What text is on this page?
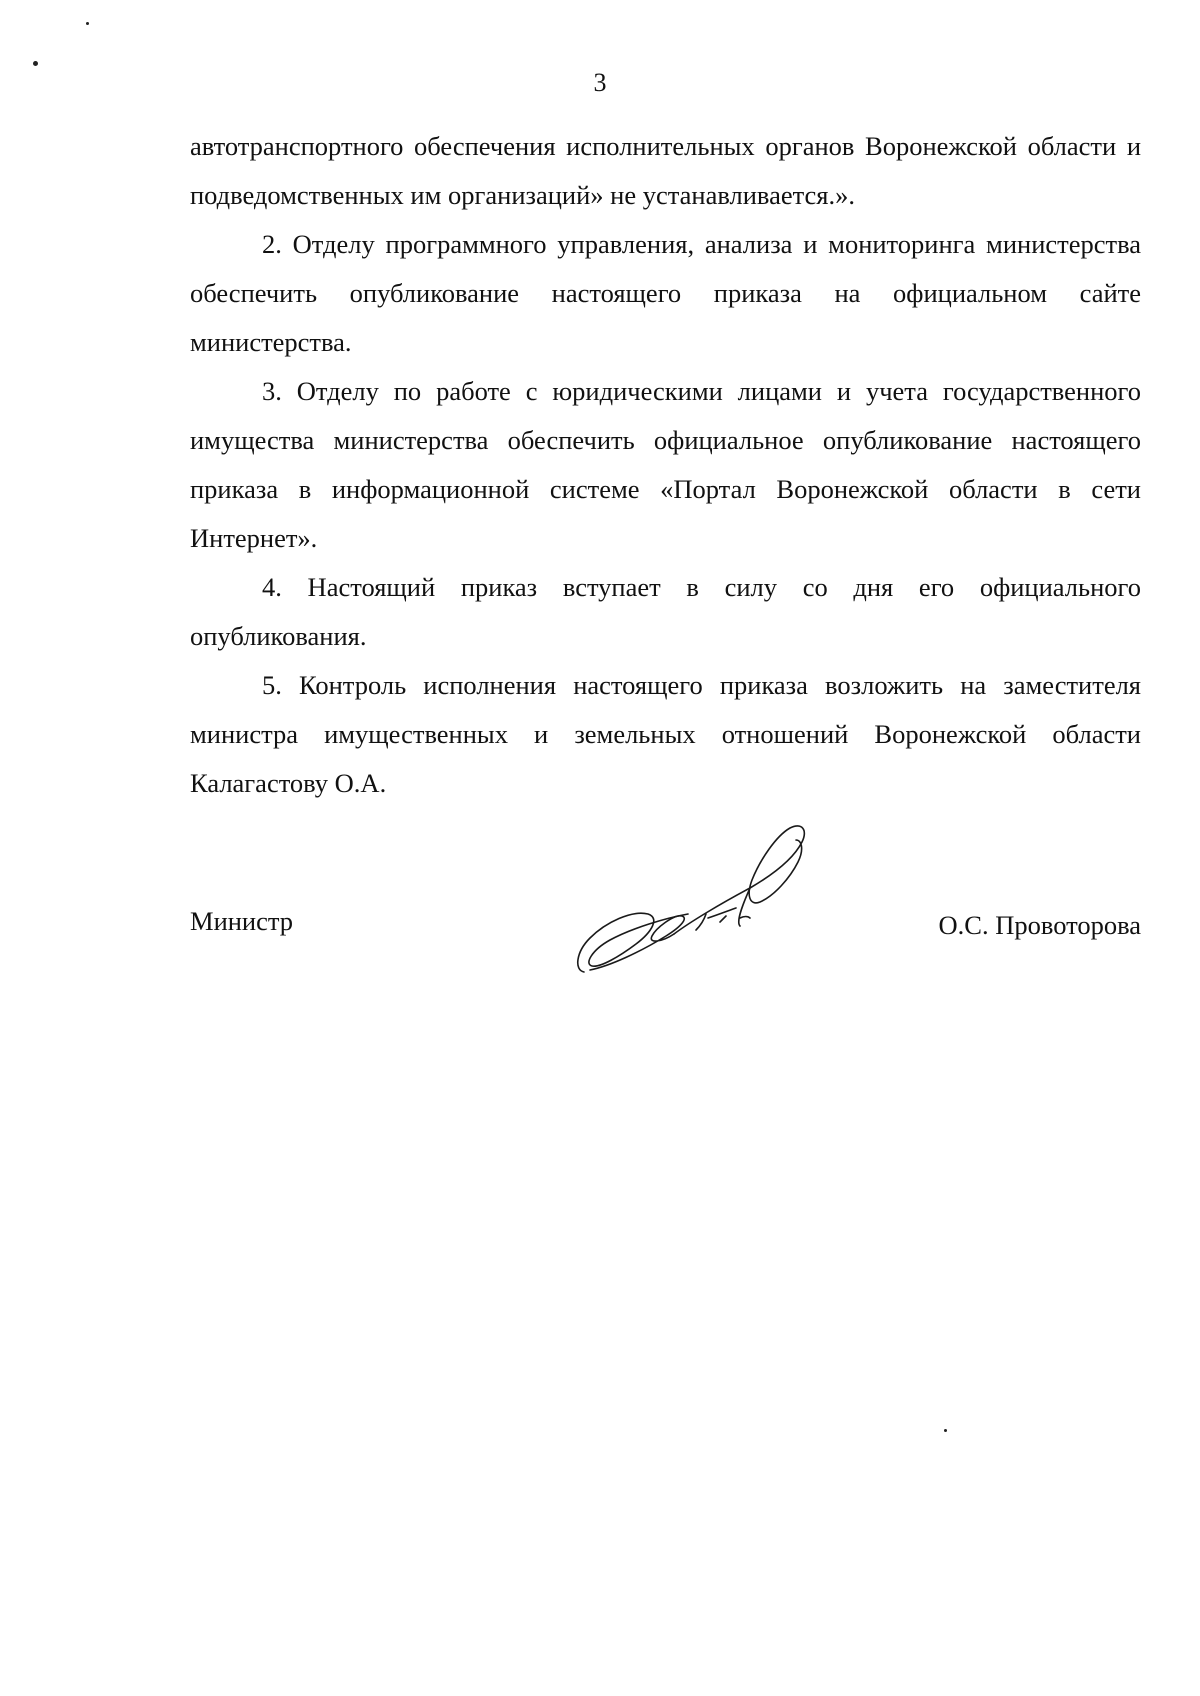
3

автотранспортного обеспечения исполнительных органов Воронежской области и подведомственных им организаций» не устанавливается.».

2. Отделу программного управления, анализа и мониторинга министерства обеспечить опубликование настоящего приказа на официальном сайте министерства.

3. Отделу по работе с юридическими лицами и учета государственного имущества министерства обеспечить официальное опубликование настоящего приказа в информационной системе «Портал Воронежской области в сети Интернет».

4. Настоящий приказ вступает в силу со дня его официального опубликования.

5. Контроль исполнения настоящего приказа возложить на заместителя министра имущественных и земельных отношений Воронежской области Калагастову О.А.

Министр	О.С. Провоторова
